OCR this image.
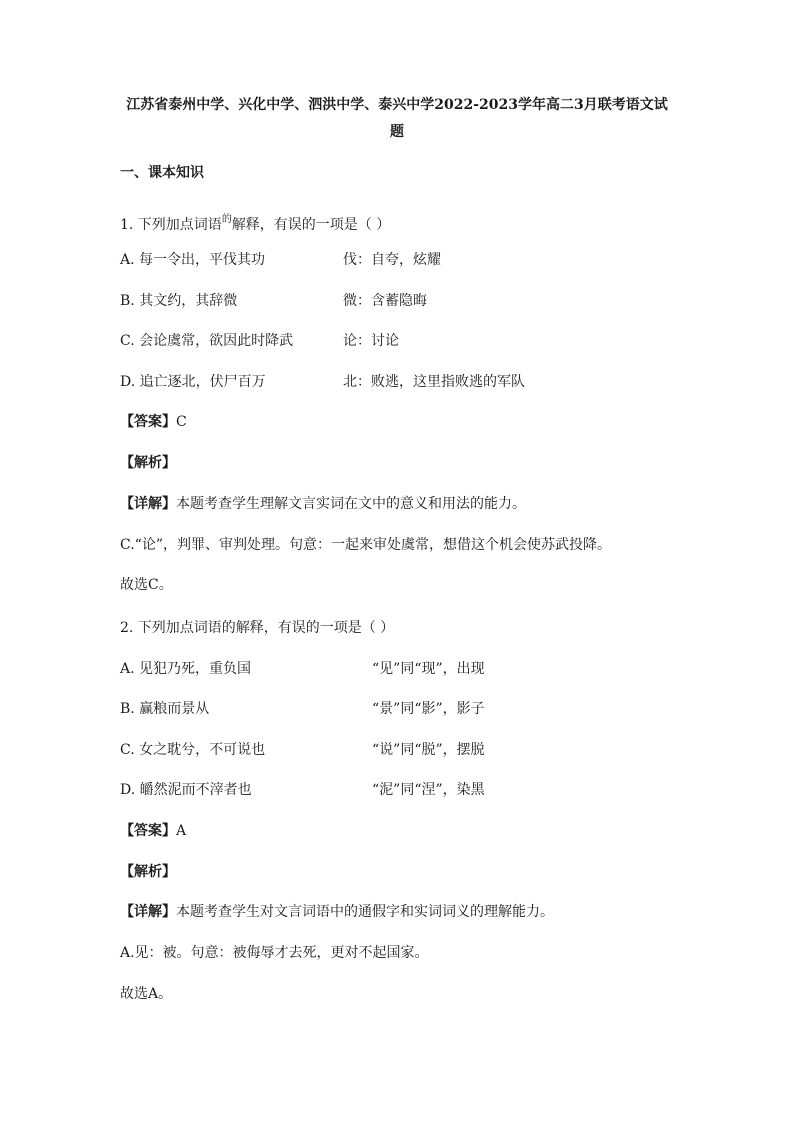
江苏省泰州中学、兴化中学、泗洪中学、泰兴中学2022-2023学年高二3月联考语文试
题
一、课本知识
1. 下列加点词语$^的$解释，有误的一项是（ ）
A. 每一令出，平伐其功	伐：自夸，炫耀
B. 其文约，其辞微	微：含蓄隐晦
C. 会论虞常，欲因此时降武	论：讨论
D. 追亡逐北，伏尸百万	北：败逃，这里指败逃的军队
【答案】C
【解析】
【详解】本题考查学生理解文言实词在文中的意义和用法的能力。
C.“论”，判罪、审判处理。句意：一起来审处虞常，想借这个机会使苏武投降。
故选C。
2. 下列加点词语的解释，有误的一项是（ ）
A. 见犯乃死，重负国	“见”同“现”，出现
B. 赢粮而景从	“景”同“影”，影子
C. 女之耽兮，不可说也	“说”同“脱”，摆脱
D. 皭然泥而不滓者也	“泥”同“涅”，染黑
【答案】A
【解析】
【详解】本题考查学生对文言词语中的通假字和实词词义的理解能力。
A.见：被。句意：被侮辱才去死，更对不起国家。
故选A。
